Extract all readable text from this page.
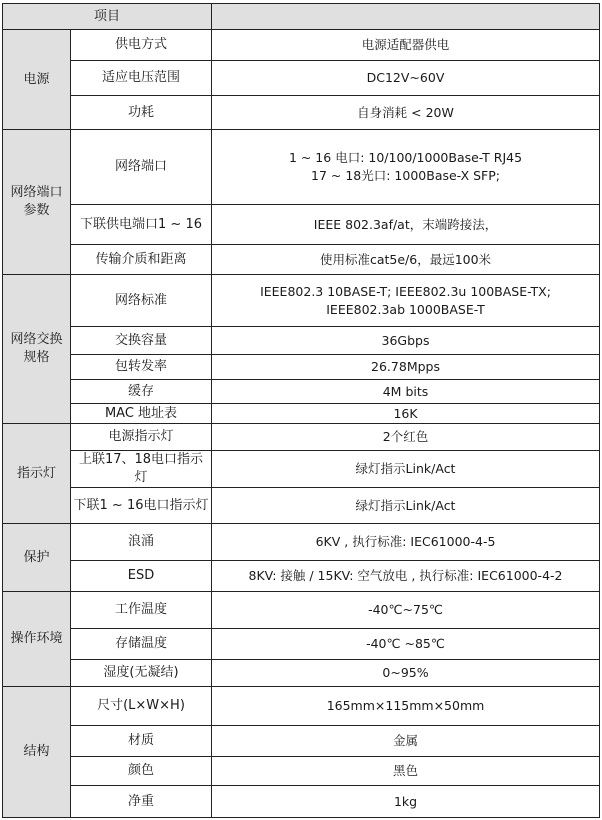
项目		
电源	供电方式	电源适配器供电

	适应电压范围	DC12V~60V

	功耗	自身消耗 < 20W

网络端口参数	网络端口	1 ~ 16 电口: 10/100/1000Base-T RJ45
17 ~ 18光口: 1000Base-X SFP;

	下联供电端口1 ~ 16	IEEE 802.3af/at，末端跨接法，

	传输介质和距离	使用标准cat5e/6，最远100米

网络交换规格	网络标准	IEEE802.3 10BASE-T; IEEE802.3u 100BASE-TX;
IEEE802.3ab 1000BASE-T

	交换容量	36Gbps

	包转发率	26.78Mpps

	缓存	4M bits

	MAC 地址表	16K

指示灯	电源指示灯	2个红色

	上联17、18电口指示灯	绿灯指示Link/Act

	下联1 ~ 16电口指示灯	绿灯指示Link/Act

保护	浪涌	6KV , 执行标准: IEC61000-4-5

	ESD	8KV: 接触 / 15KV: 空气放电 , 执行标准: IEC61000-4-2

操作环境	工作温度	-40℃~75℃

	存储温度	-40℃ ~85℃

	湿度(无凝结)	0~95%

结构	尺寸(L×W×H)	165mm×115mm×50mm

	材质	金属

	颜色	黑色

	净重	1kg
